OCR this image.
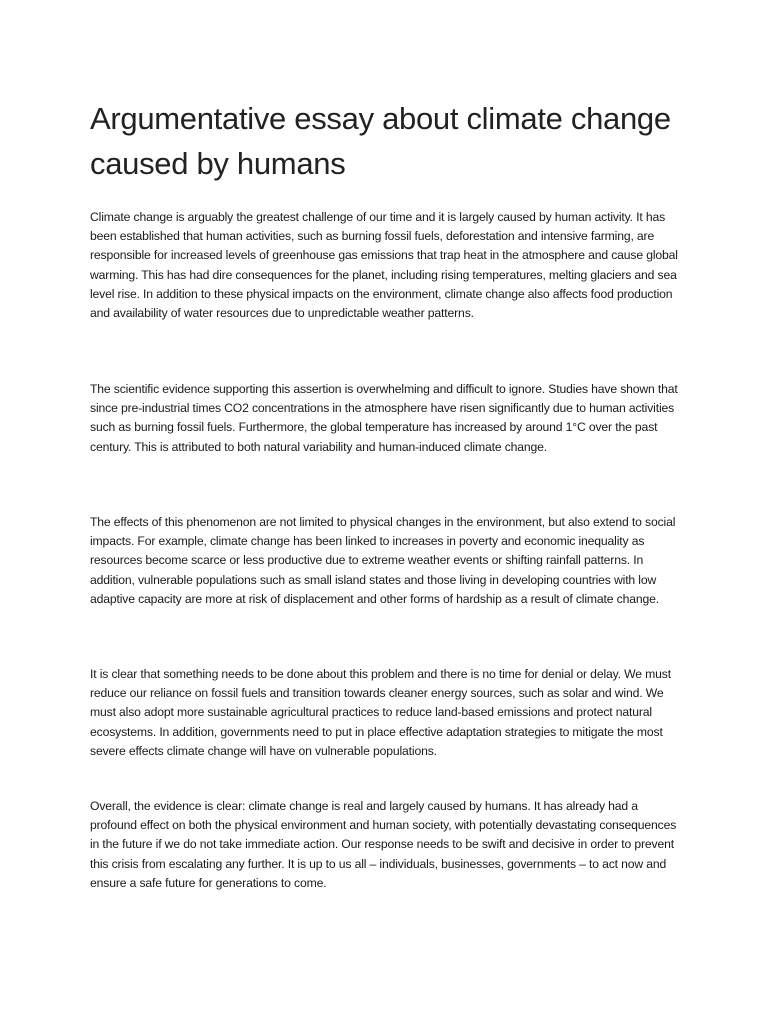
Argumentative essay about climate change caused by humans

Climate change is arguably the greatest challenge of our time and it is largely caused by human activity. It has been established that human activities, such as burning fossil fuels, deforestation and intensive farming, are responsible for increased levels of greenhouse gas emissions that trap heat in the atmosphere and cause global warming. This has had dire consequences for the planet, including rising temperatures, melting glaciers and sea level rise. In addition to these physical impacts on the environment, climate change also affects food production and availability of water resources due to unpredictable weather patterns.

The scientific evidence supporting this assertion is overwhelming and difficult to ignore. Studies have shown that since pre-industrial times CO2 concentrations in the atmosphere have risen significantly due to human activities such as burning fossil fuels. Furthermore, the global temperature has increased by around 1°C over the past century. This is attributed to both natural variability and human-induced climate change.

The effects of this phenomenon are not limited to physical changes in the environment, but also extend to social impacts. For example, climate change has been linked to increases in poverty and economic inequality as resources become scarce or less productive due to extreme weather events or shifting rainfall patterns. In addition, vulnerable populations such as small island states and those living in developing countries with low adaptive capacity are more at risk of displacement and other forms of hardship as a result of climate change.

It is clear that something needs to be done about this problem and there is no time for denial or delay. We must reduce our reliance on fossil fuels and transition towards cleaner energy sources, such as solar and wind. We must also adopt more sustainable agricultural practices to reduce land-based emissions and protect natural ecosystems. In addition, governments need to put in place effective adaptation strategies to mitigate the most severe effects climate change will have on vulnerable populations.

Overall, the evidence is clear: climate change is real and largely caused by humans. It has already had a profound effect on both the physical environment and human society, with potentially devastating consequences in the future if we do not take immediate action. Our response needs to be swift and decisive in order to prevent this crisis from escalating any further. It is up to us all – individuals, businesses, governments – to act now and ensure a safe future for generations to come.
